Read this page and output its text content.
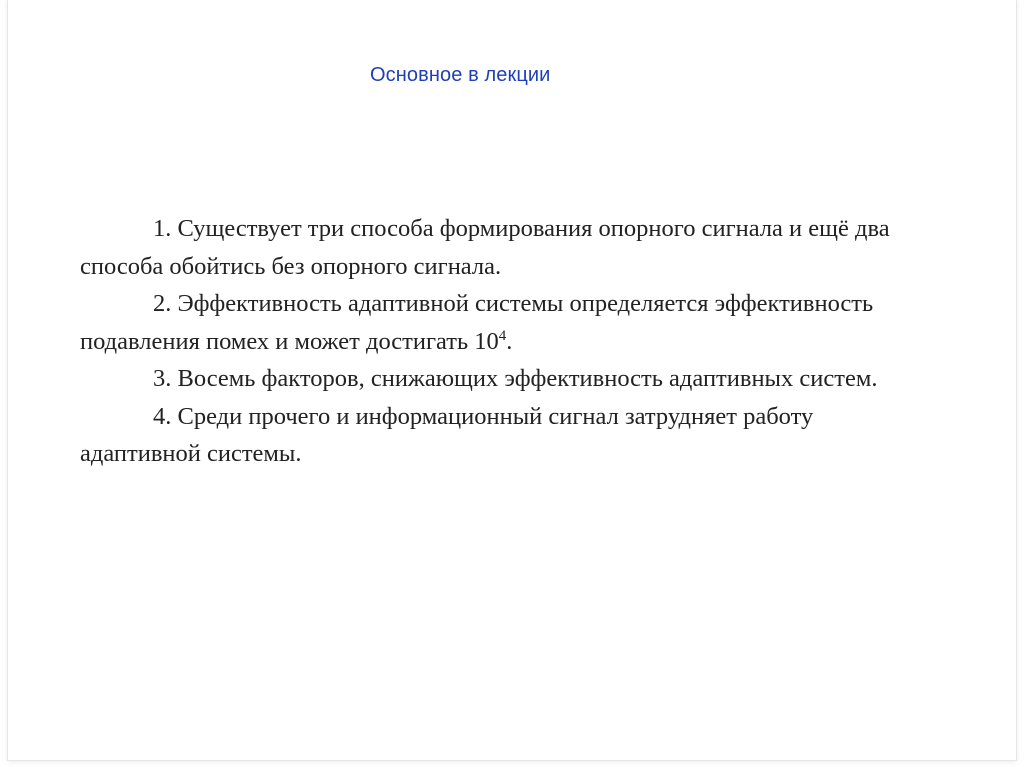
Основное в лекции

1. Существует три способа формирования опорного сигнала и ещё два

способа обойтись без опорного сигнала.

2. Эффективность адаптивной системы определяется эффективность

подавления помех и может достигать $10^4$.

3. Восемь факторов, снижающих эффективность адаптивных систем.

4. Среди прочего и информационный сигнал затрудняет работу

адаптивной системы.
